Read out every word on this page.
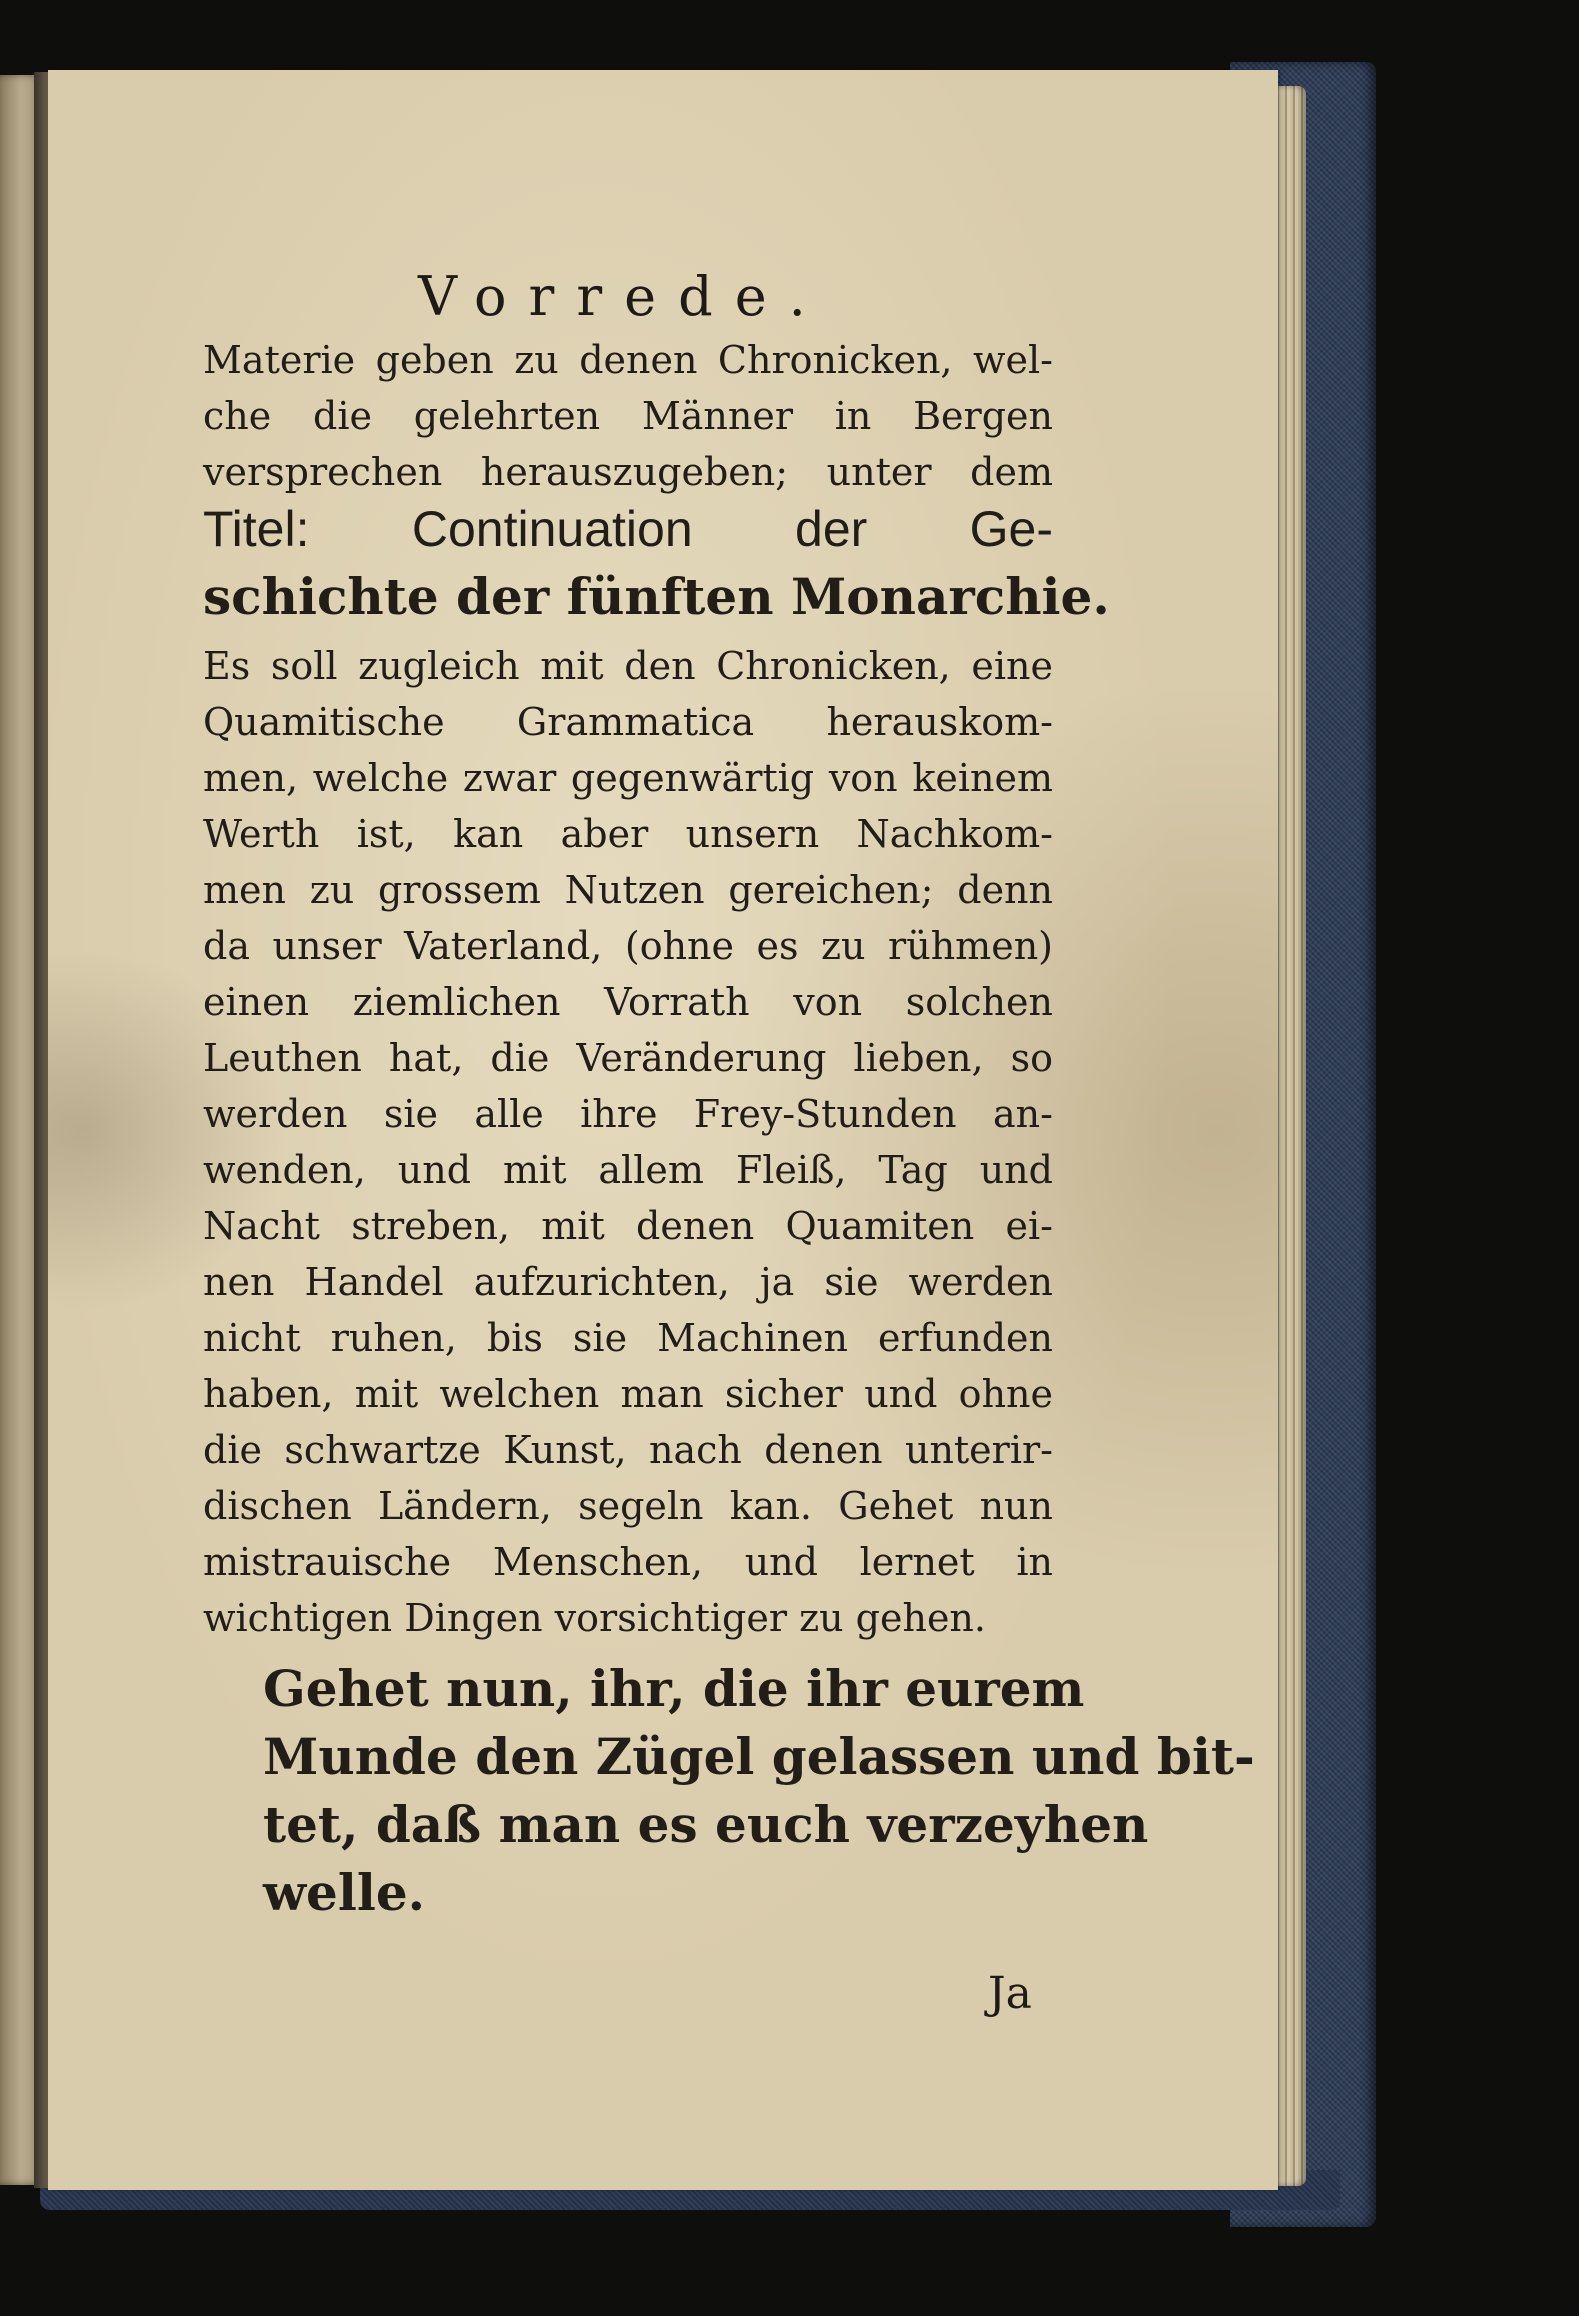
Vorrede.
Materie geben zu denen Chronicken, wel-
che die gelehrten Männer in Bergen
versprechen herauszugeben; unter dem
Titel: Continuation der Ge-
schichte der fünften Monarchie.
Es soll zugleich mit den Chronicken, eine
Quamitische Grammatica herauskom-
men, welche zwar gegenwärtig von keinem
Werth ist, kan aber unsern Nachkom-
men zu grossem Nutzen gereichen; denn
da unser Vaterland, (ohne es zu rühmen)
einen ziemlichen Vorrath von solchen
Leuthen hat, die Veränderung lieben, so
werden sie alle ihre Frey-Stunden an-
wenden, und mit allem Fleiß, Tag und
Nacht streben, mit denen Quamiten ei-
nen Handel aufzurichten, ja sie werden
nicht ruhen, bis sie Machinen erfunden
haben, mit welchen man sicher und ohne
die schwartze Kunst, nach denen unterir-
dischen Ländern, segeln kan. Gehet nun
mistrauische Menschen, und lernet in
wichtigen Dingen vorsichtiger zu gehen.
Gehet nun, ihr, die ihr eurem
Munde den Zügel gelassen und bit-
tet, daß man es euch verzeyhen
welle.
Ja
